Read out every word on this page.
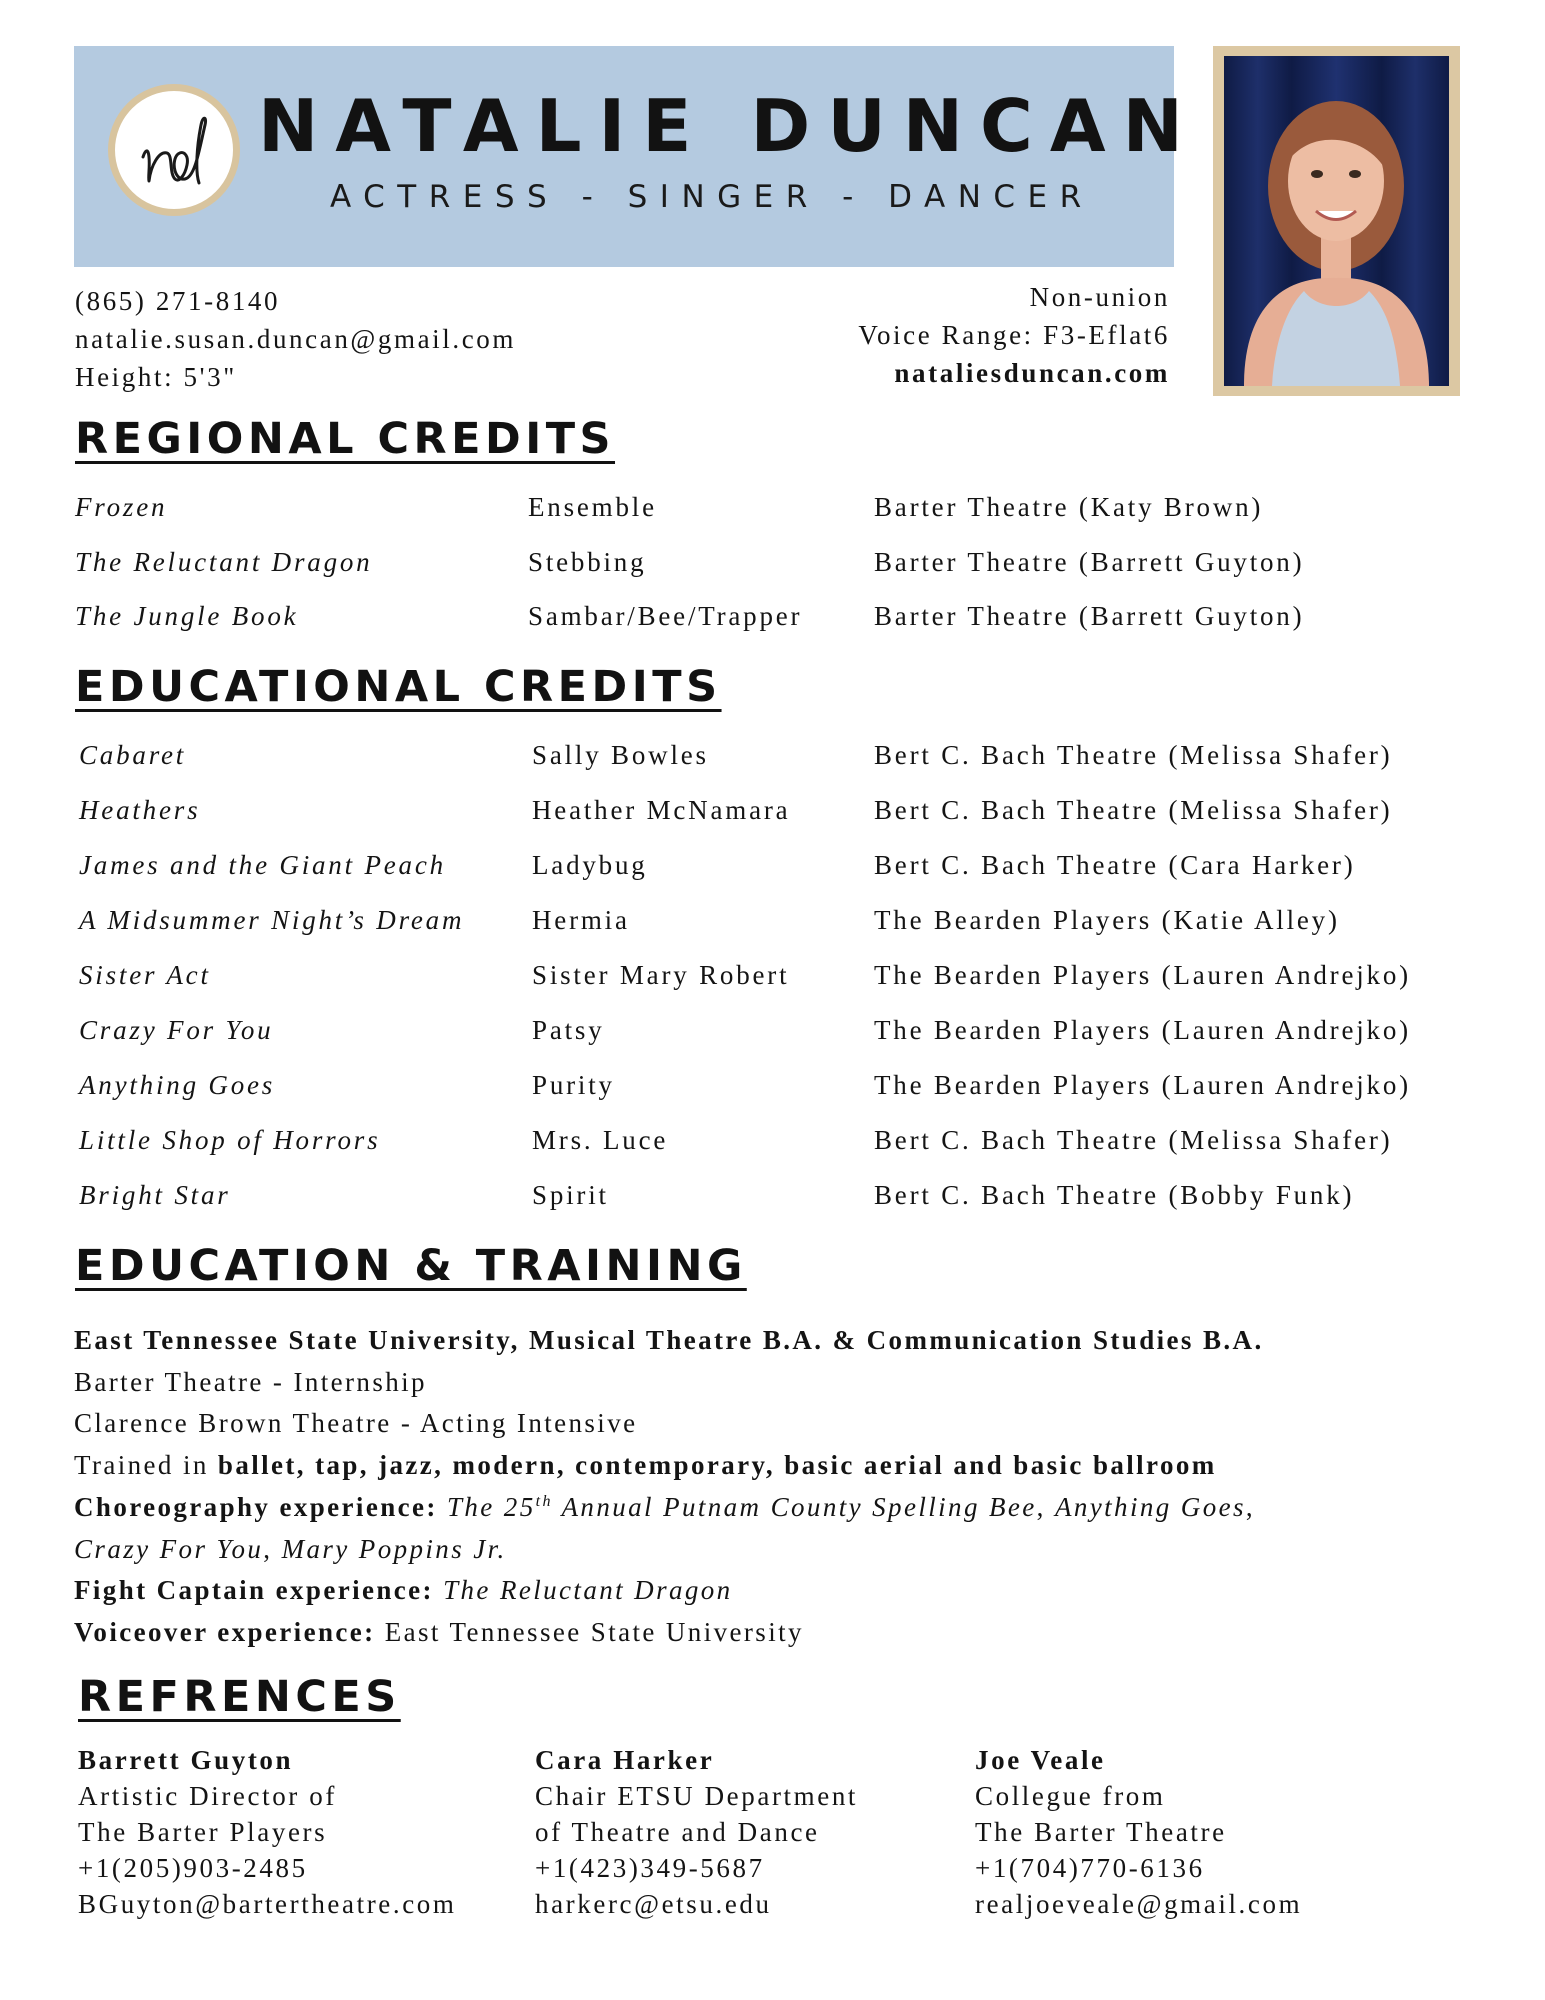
NATALIE DUNCAN
ACTRESS - SINGER - DANCER
(865) 271-8140
natalie.susan.duncan@gmail.com
Height: 5'3"
Non-union
Voice Range: F3-Eflat6
nataliesduncan.com
REGIONAL CREDITS
Frozen	Ensemble	Barter Theatre (Katy Brown)
The Reluctant Dragon	Stebbing	Barter Theatre (Barrett Guyton)
The Jungle Book	Sambar/Bee/Trapper	Barter Theatre (Barrett Guyton)
EDUCATIONAL CREDITS
Cabaret	Sally Bowles	Bert C. Bach Theatre (Melissa Shafer)
Heathers	Heather McNamara	Bert C. Bach Theatre (Melissa Shafer)
James and the Giant Peach	Ladybug	Bert C. Bach Theatre (Cara Harker)
A Midsummer Night’s Dream	Hermia	The Bearden Players (Katie Alley)
Sister Act	Sister Mary Robert	The Bearden Players (Lauren Andrejko)
Crazy For You	Patsy	The Bearden Players (Lauren Andrejko)
Anything Goes	Purity	The Bearden Players (Lauren Andrejko)
Little Shop of Horrors	Mrs. Luce	Bert C. Bach Theatre (Melissa Shafer)
Bright Star	Spirit	Bert C. Bach Theatre (Bobby Funk)
EDUCATION & TRAINING
East Tennessee State University, Musical Theatre B.A. & Communication Studies B.A.
Barter Theatre - Internship
Clarence Brown Theatre - Acting Intensive
Trained in ballet, tap, jazz, modern, contemporary, basic aerial and basic ballroom
Choreography experience: The 25th Annual Putnam County Spelling Bee, Anything Goes,
Crazy For You, Mary Poppins Jr.
Fight Captain experience: The Reluctant Dragon
Voiceover experience: East Tennessee State University
REFRENCES
Barrett Guyton
Artistic Director of
The Barter Players
+1(205)903-2485
BGuyton@bartertheatre.com
Cara Harker
Chair ETSU Department
of Theatre and Dance
+1(423)349-5687
harkerc@etsu.edu
Joe Veale
Collegue from
The Barter Theatre
+1(704)770-6136
realjoeveale@gmail.com
